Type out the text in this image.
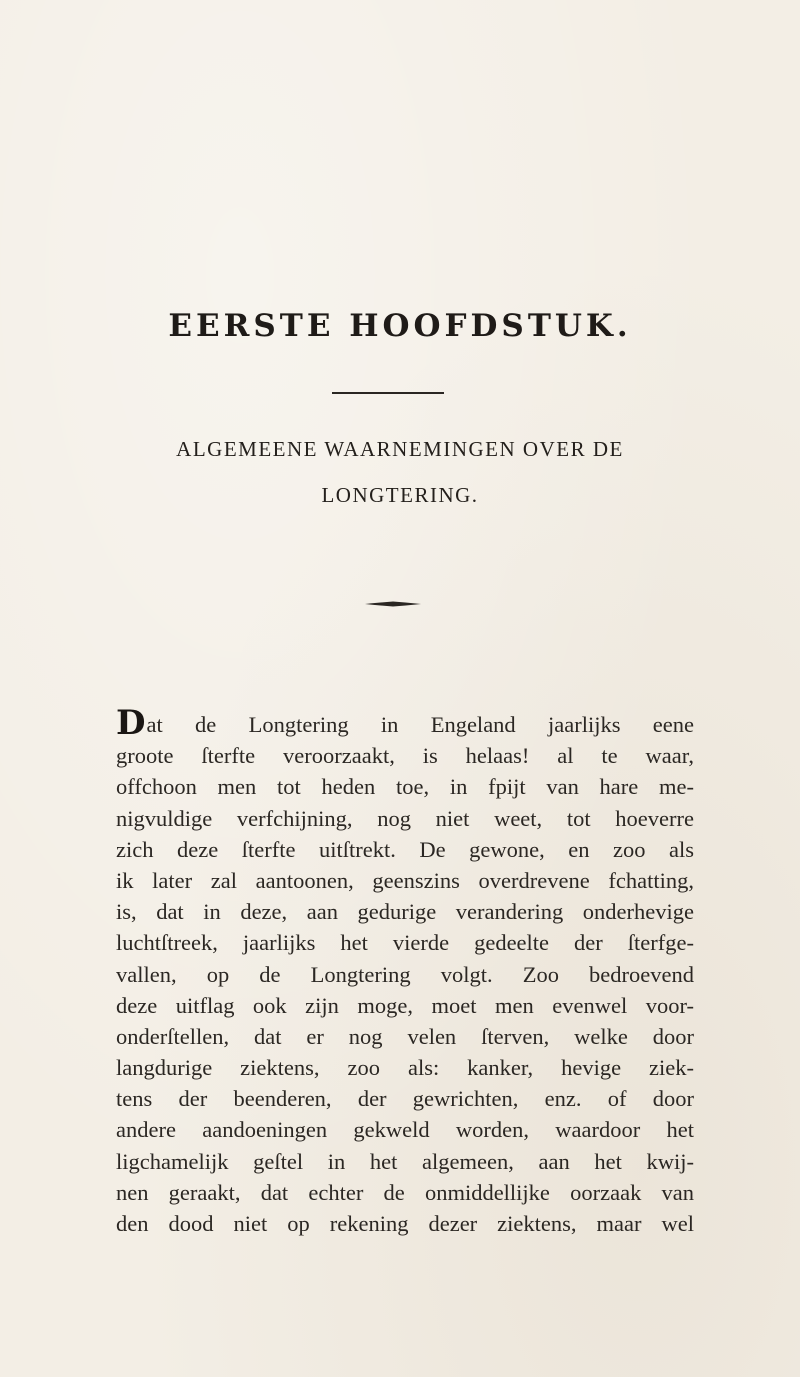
EERSTE HOOFDSTUK.
ALGEMEENE WAARNEMINGEN OVER DE
LONGTERING.
Dat de Longtering in Engeland jaarlijks eene
groote ſterfte veroorzaakt, is helaas! al te waar,
offchoon men tot heden toe, in fpijt van hare me-
nigvuldige verfchijning, nog niet weet, tot hoeverre
zich deze ſterfte uitſtrekt. De gewone, en zoo als
ik later zal aantoonen, geenszins overdrevene fchatting,
is, dat in deze, aan gedurige verandering onderhevige
luchtſtreek, jaarlijks het vierde gedeelte der ſterfge-
vallen, op de Longtering volgt. Zoo bedroevend
deze uitflag ook zijn moge, moet men evenwel voor-
onderſtellen, dat er nog velen ſterven, welke door
langdurige ziektens, zoo als: kanker, hevige ziek-
tens der beenderen, der gewrichten, enz. of door
andere aandoeningen gekweld worden, waardoor het
ligchamelijk geſtel in het algemeen, aan het kwij-
nen geraakt, dat echter de onmiddellijke oorzaak van
den dood niet op rekening dezer ziektens, maar wel
